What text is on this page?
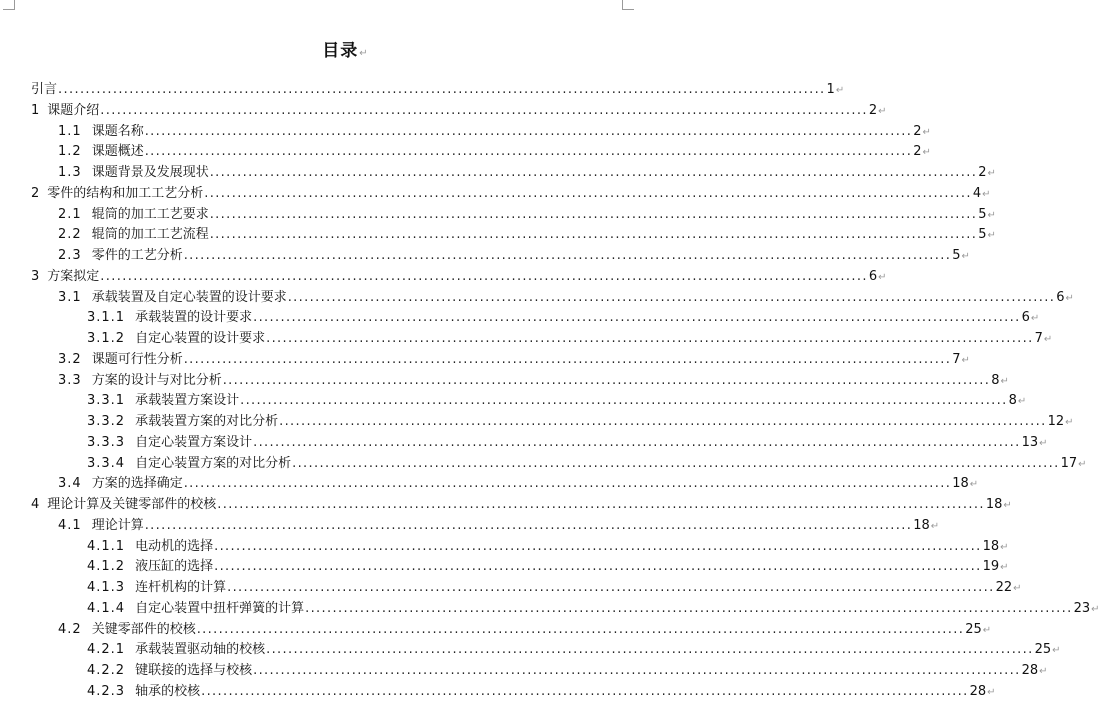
目录↵
引言 ............................................................................................................................................ 1 ↵
1 课题介绍 ............................................................................................................................................ 2 ↵
1.1 课题名称 ............................................................................................................................................ 2 ↵
1.2 课题概述 ............................................................................................................................................ 2 ↵
1.3 课题背景及发展现状 ............................................................................................................................................ 2 ↵
2 零件的结构和加工工艺分析 ............................................................................................................................................ 4 ↵
2.1 辊筒的加工工艺要求 ............................................................................................................................................ 5 ↵
2.2 辊筒的加工工艺流程 ............................................................................................................................................ 5 ↵
2.3 零件的工艺分析 ............................................................................................................................................ 5 ↵
3 方案拟定 ............................................................................................................................................ 6 ↵
3.1 承载装置及自定心装置的设计要求 ............................................................................................................................................ 6 ↵
3.1.1 承载装置的设计要求 ............................................................................................................................................ 6 ↵
3.1.2 自定心装置的设计要求 ............................................................................................................................................ 7 ↵
3.2 课题可行性分析 ............................................................................................................................................ 7 ↵
3.3 方案的设计与对比分析 ............................................................................................................................................ 8 ↵
3.3.1 承载装置方案设计 ............................................................................................................................................ 8 ↵
3.3.2 承载装置方案的对比分析 ............................................................................................................................................ 12 ↵
3.3.3 自定心装置方案设计 ............................................................................................................................................ 13 ↵
3.3.4 自定心装置方案的对比分析 ............................................................................................................................................ 17 ↵
3.4 方案的选择确定 ............................................................................................................................................ 18 ↵
4 理论计算及关键零部件的校核 ............................................................................................................................................ 18 ↵
4.1 理论计算 ............................................................................................................................................ 18 ↵
4.1.1 电动机的选择 ............................................................................................................................................ 18 ↵
4.1.2 液压缸的选择 ............................................................................................................................................ 19 ↵
4.1.3 连杆机构的计算 ............................................................................................................................................ 22 ↵
4.1.4 自定心装置中扭杆弹簧的计算 ............................................................................................................................................ 23 ↵
4.2 关键零部件的校核 ............................................................................................................................................ 25 ↵
4.2.1 承载装置驱动轴的校核 ............................................................................................................................................ 25 ↵
4.2.2 键联接的选择与校核 ............................................................................................................................................ 28 ↵
4.2.3 轴承的校核 ............................................................................................................................................ 28 ↵
